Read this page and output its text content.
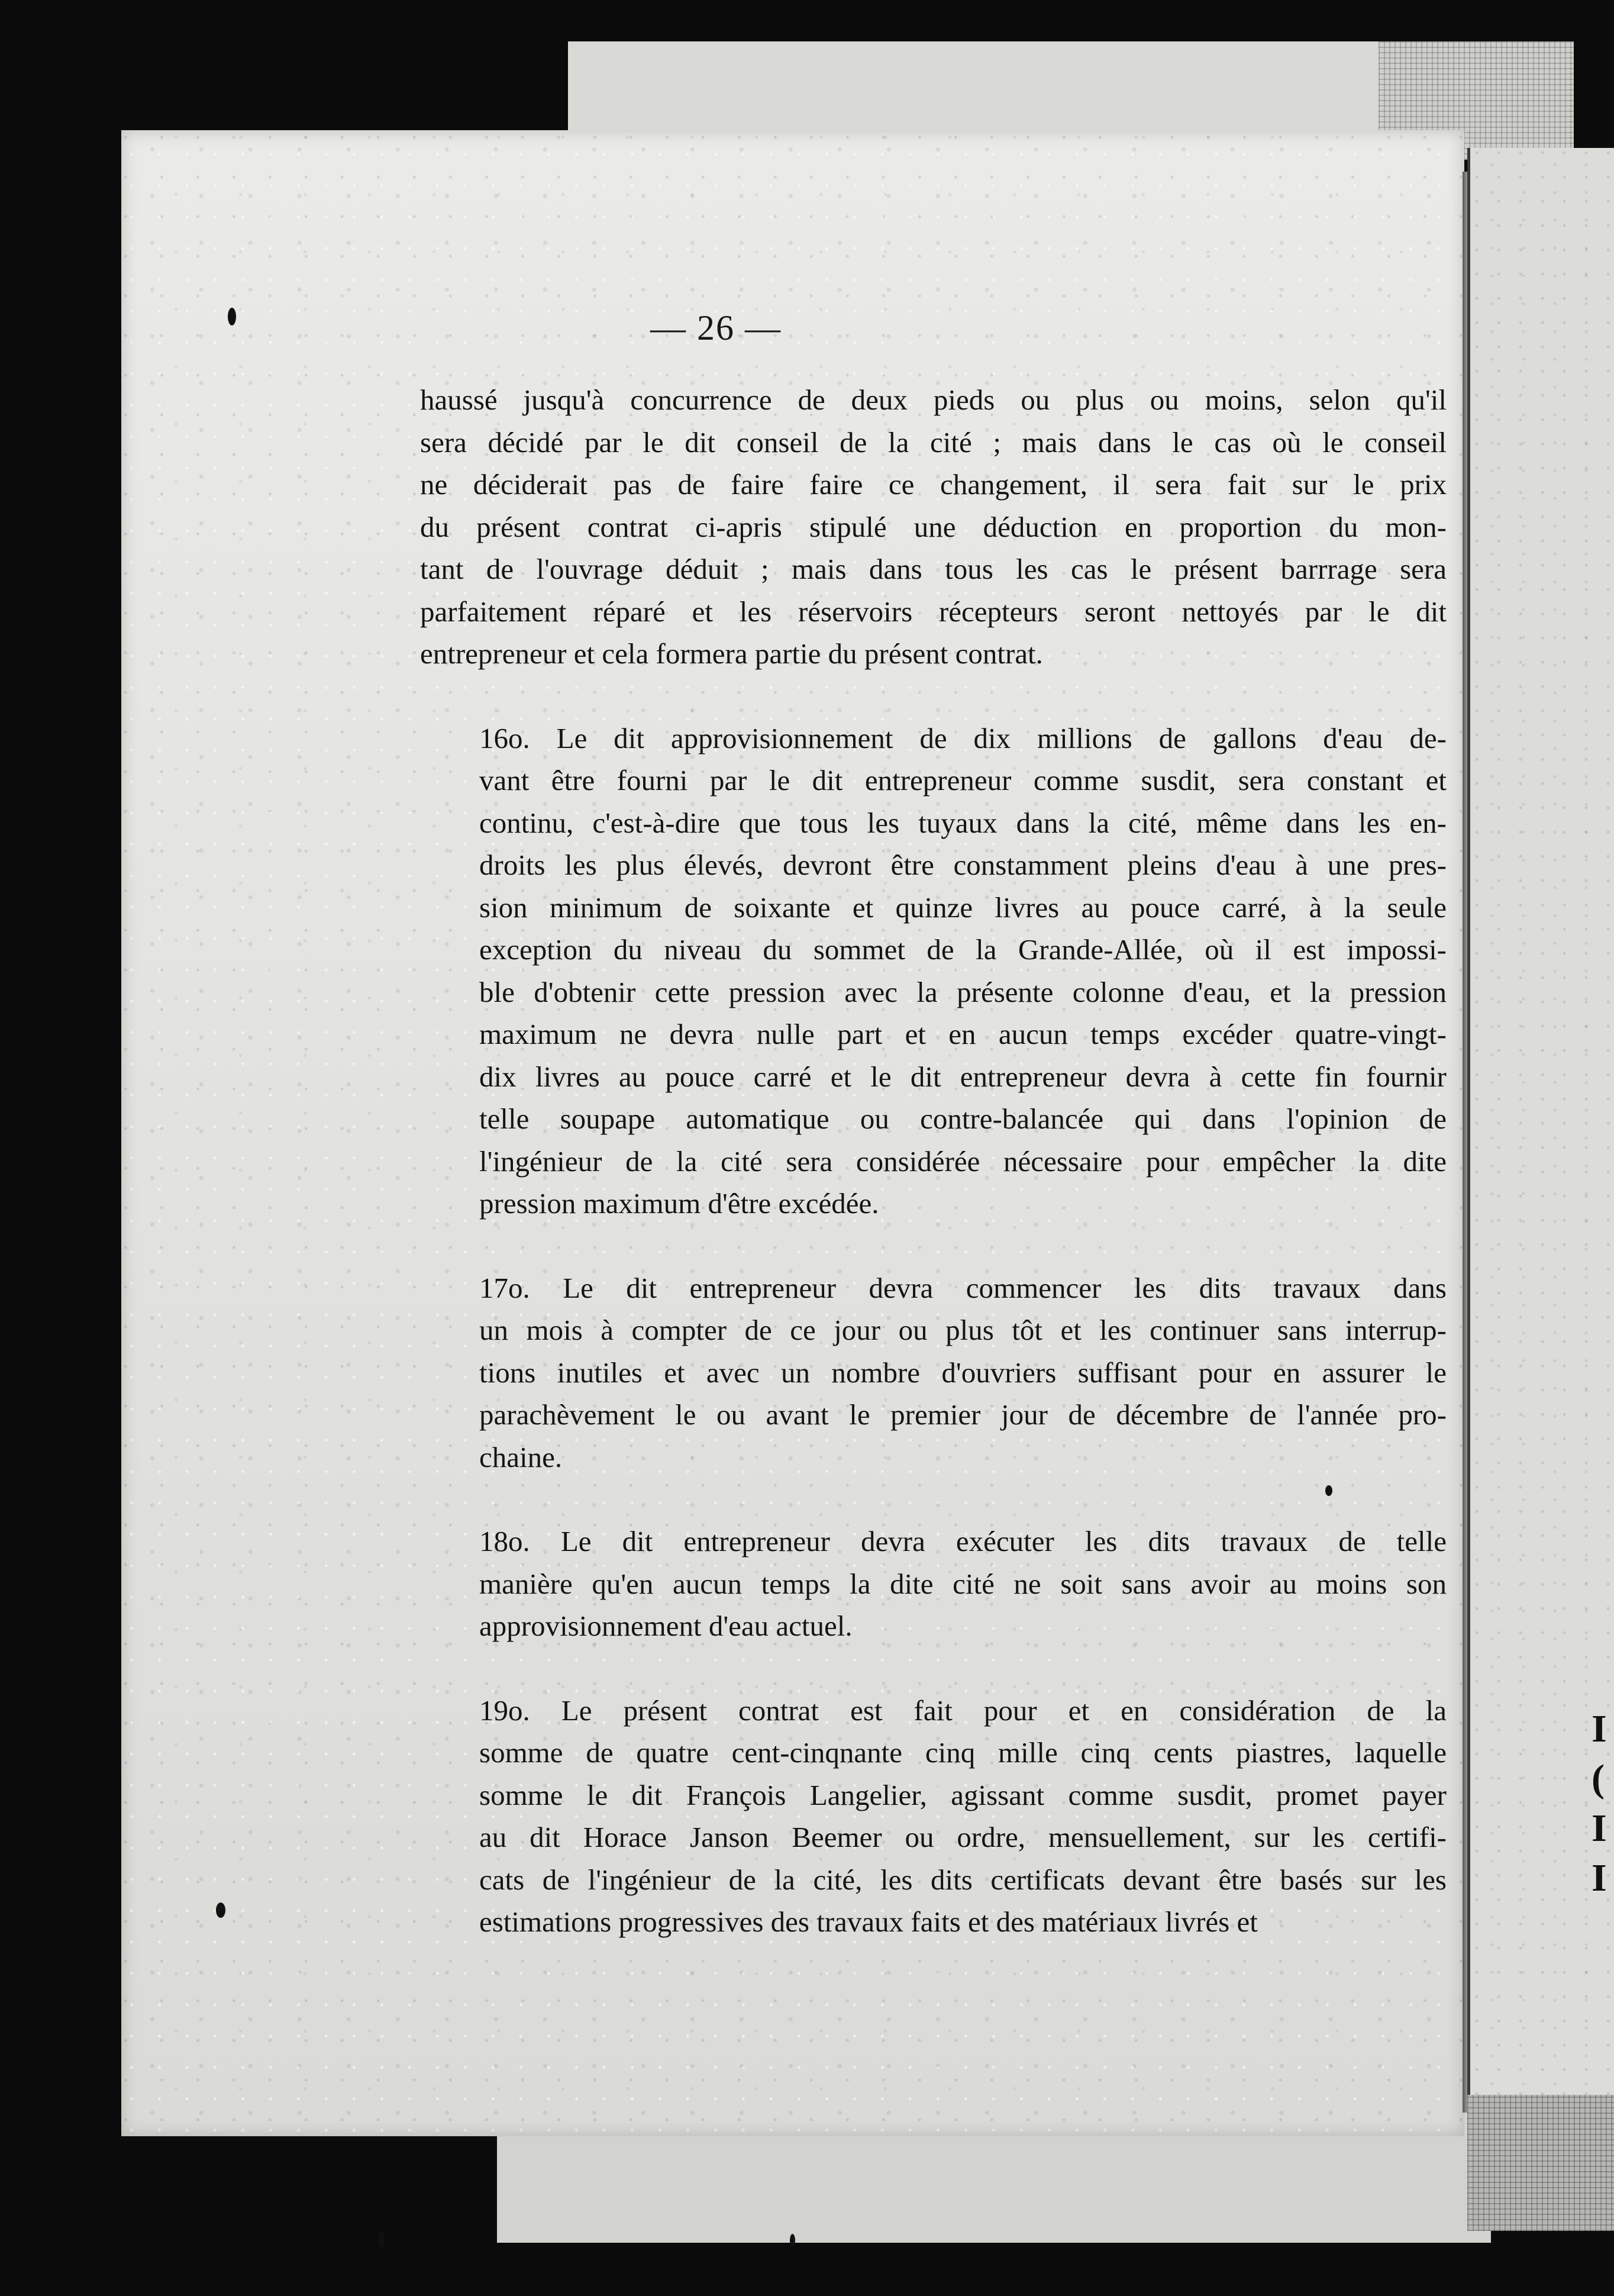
I
(
I
I
— 26 —

haussé jusqu'à concurrence de deux pieds ou plus ou moins, selon qu'il
sera décidé par le dit conseil de la cité ; mais dans le cas où le conseil
ne déciderait pas de faire faire ce changement, il sera fait sur le prix
du présent contrat ci-apris stipulé une déduction en proportion du mon-
tant de l'ouvrage déduit ; mais dans tous les cas le présent barrrage sera
parfaitement réparé et les réservoirs récepteurs seront nettoyés par le dit
entrepreneur et cela formera partie du présent contrat.

16o. Le dit approvisionnement de dix millions de gallons d'eau de-
vant être fourni par le dit entrepreneur comme susdit, sera constant et
continu, c'est-à-dire que tous les tuyaux dans la cité, même dans les en-
droits les plus élevés, devront être constamment pleins d'eau à une pres-
sion minimum de soixante et quinze livres au pouce carré, à la seule
exception du niveau du sommet de la Grande-Allée, où il est impossi-
ble d'obtenir cette pression avec la présente colonne d'eau, et la pression
maximum ne devra nulle part et en aucun temps excéder quatre-vingt-
dix livres au pouce carré et le dit entrepreneur devra à cette fin fournir
telle soupape automatique ou contre-balancée qui dans l'opinion de
l'ingénieur de la cité sera considérée nécessaire pour empêcher la dite
pression maximum d'être excédée.

17o. Le dit entrepreneur devra commencer les dits travaux dans
un mois à compter de ce jour ou plus tôt et les continuer sans interrup-
tions inutiles et avec un nombre d'ouvriers suffisant pour en assurer le
parachèvement le ou avant le premier jour de décembre de l'année pro-
chaine.

18o. Le dit entrepreneur devra exécuter les dits travaux de telle
manière qu'en aucun temps la dite cité ne soit sans avoir au moins son
approvisionnement d'eau actuel.

19o. Le présent contrat est fait pour et en considération de la
somme de quatre cent-cinqnante cinq mille cinq cents piastres, laquelle
somme le dit François Langelier, agissant comme susdit, promet payer
au dit Horace Janson Beemer ou ordre, mensuellement, sur les certifi-
cats de l'ingénieur de la cité, les dits certificats devant être basés sur les
estimations progressives des travaux faits et des matériaux livrés et
